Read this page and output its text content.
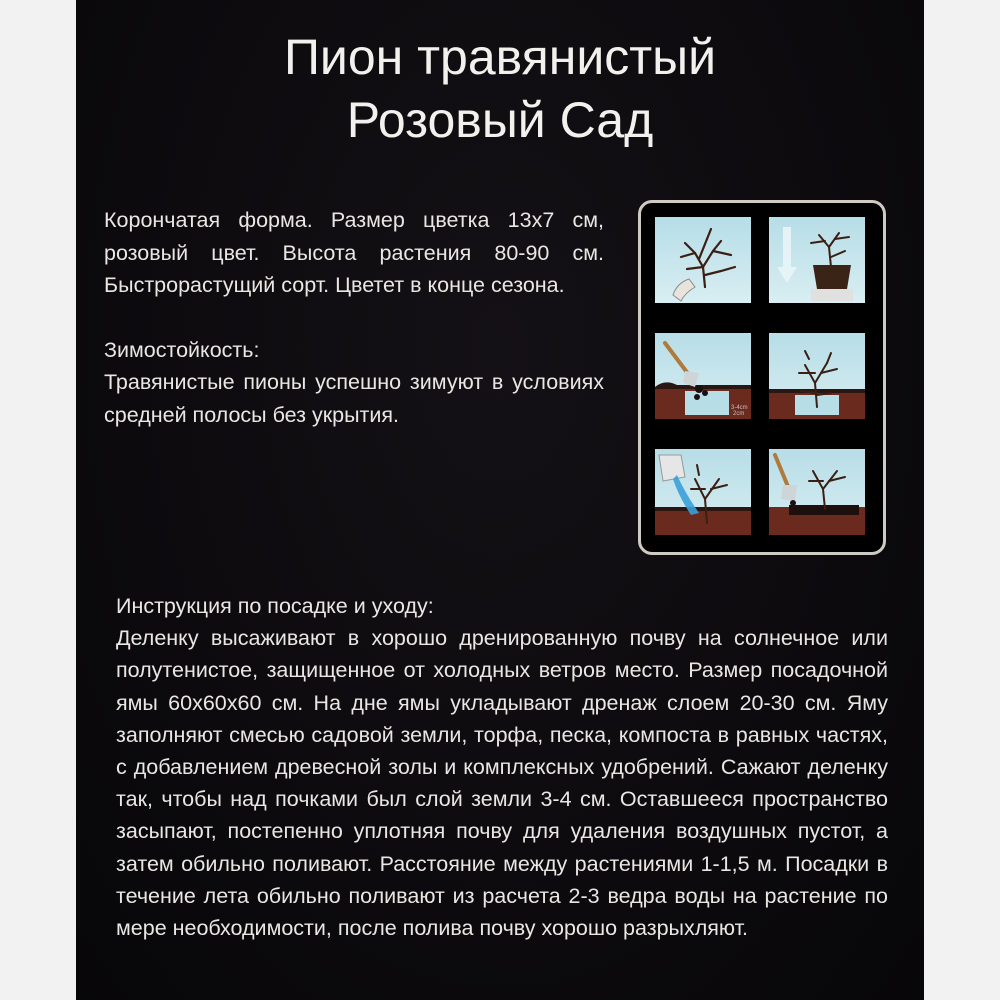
Пион травянистый
Розовый Сад

Корончатая форма. Размер цветка 13х7 см, розовый цвет. Высота растения 80-90 см. Быстрорастущий сорт. Цветет в конце сезона.

Зимостойкость:

Травянистые пионы успешно зимуют в условиях средней полосы без укрытия.	3-4cm
2cm

Инструкция по посадке и уходу:

Деленку высаживают в хорошо дренированную почву на солнечное или полутенистое, защищенное от холодных ветров место. Размер посадочной ямы 60х60х60 см. На дне ямы укладывают дренаж слоем 20-30 см. Яму заполняют смесью садовой земли, торфа, песка, компоста в равных частях, с добавлением древесной золы и комплексных удобрений. Сажают деленку так, чтобы над почками был слой земли 3-4 см. Оставшееся пространство засыпают, постепенно уплотняя почву для удаления воздушных пустот, а затем обильно поливают. Расстояние между растениями 1-1,5 м. Посадки в течение лета обильно поливают из расчета 2-3 ведра воды на растение по мере необходимости, после полива почву хорошо разрыхляют.
